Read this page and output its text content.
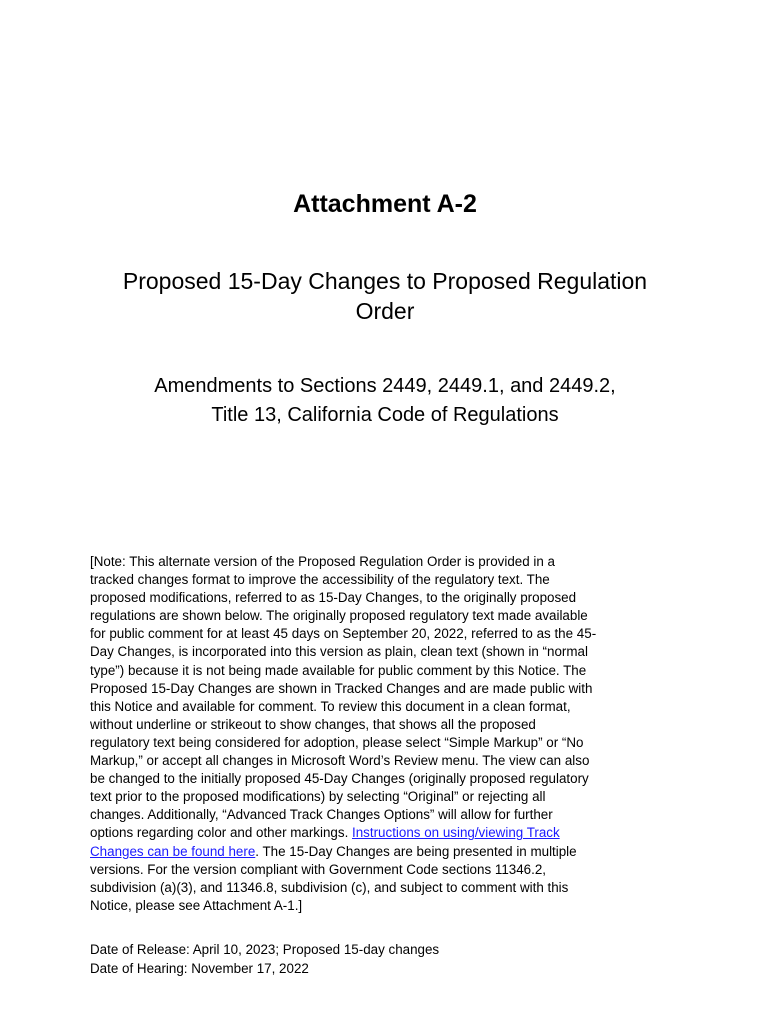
Attachment A-2
Proposed 15-Day Changes to Proposed Regulation
Order
Amendments to Sections 2449, 2449.1, and 2449.2,
Title 13, California Code of Regulations
[Note: This alternate version of the Proposed Regulation Order is provided in a
tracked changes format to improve the accessibility of the regulatory text. The
proposed modifications, referred to as 15-Day Changes, to the originally proposed
regulations are shown below. The originally proposed regulatory text made available
for public comment for at least 45 days on September 20, 2022, referred to as the 45-
Day Changes, is incorporated into this version as plain, clean text (shown in “normal
type”) because it is not being made available for public comment by this Notice. The
Proposed 15-Day Changes are shown in Tracked Changes and are made public with
this Notice and available for comment. To review this document in a clean format,
without underline or strikeout to show changes, that shows all the proposed
regulatory text being considered for adoption, please select “Simple Markup” or “No
Markup,” or accept all changes in Microsoft Word’s Review menu. The view can also
be changed to the initially proposed 45-Day Changes (originally proposed regulatory
text prior to the proposed modifications) by selecting “Original” or rejecting all
changes. Additionally, “Advanced Track Changes Options” will allow for further
options regarding color and other markings. Instructions on using/viewing Track
Changes can be found here. The 15-Day Changes are being presented in multiple
versions. For the version compliant with Government Code sections 11346.2,
subdivision (a)(3), and 11346.8, subdivision (c), and subject to comment with this
Notice, please see Attachment A-1.]
Date of Release: April 10, 2023; Proposed 15-day changes
Date of Hearing: November 17, 2022
